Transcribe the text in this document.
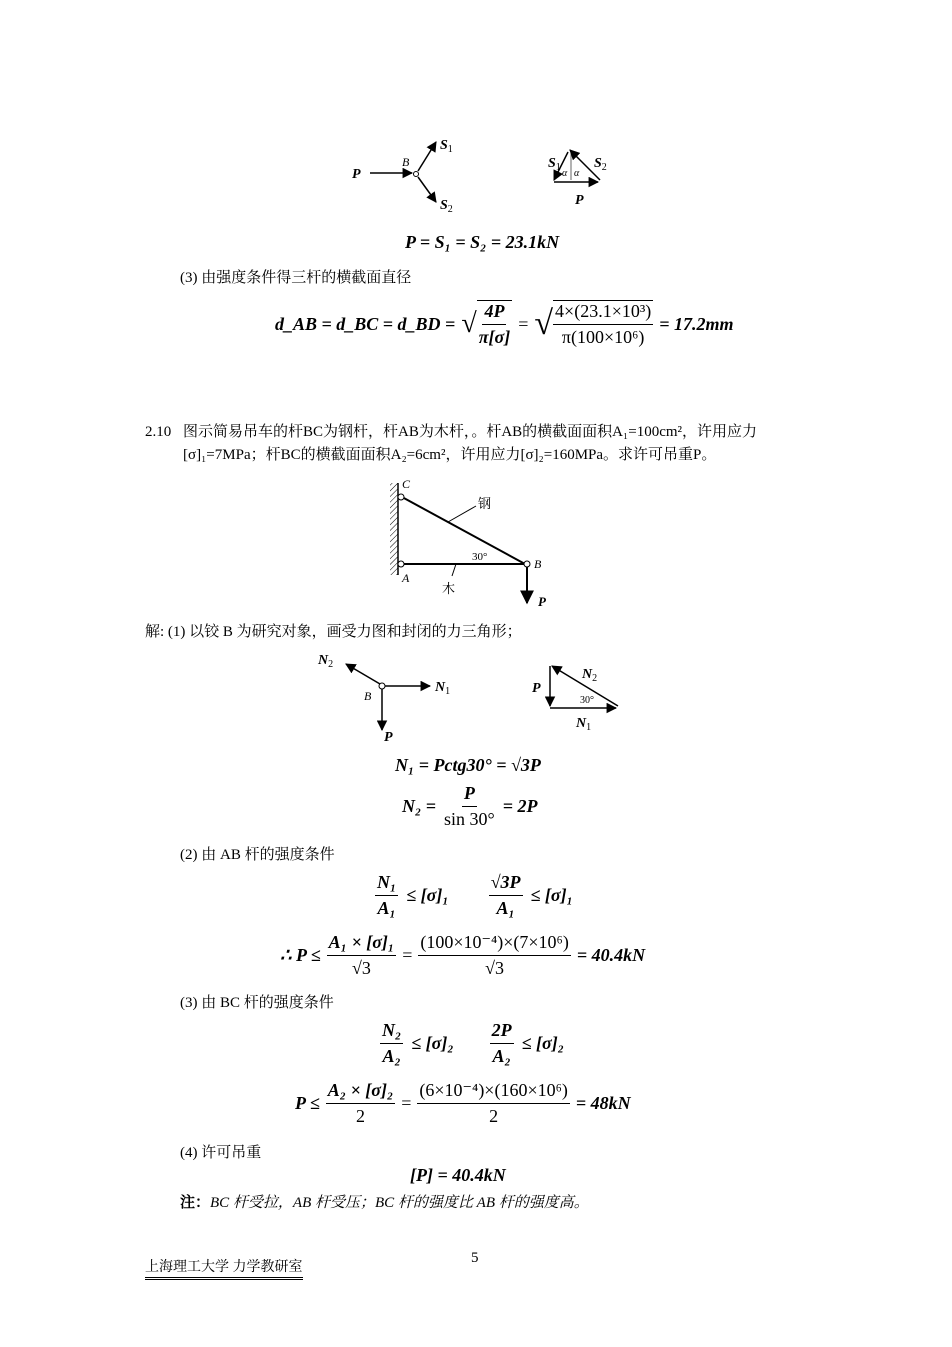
P
B
$S_1$
$S_2$
α α
$S_1$ $S_2$
P
P = S₁ = S₂ = 23.1kN
(3) 由强度条件得三杆的横截面直径
d_AB = d_BC = d_BD = √ $\frac{4P}{\pi[\sigma]}$ = √ $\frac{\text{4×(23.1×10³)}}{\text{π(100×10⁶)}} = 17.2mm$
2.10 图示简易吊车的杆BC为钢杆，杆AB为木杆，。杆AB的横截面面积A₁=100cm²，许用应力
[σ]₁=7MPa；杆BC的横截面面积A₂=6cm²，许用应力[σ]₂=160MPa。求许可吊重P。
C
A
B
P
钢
木
30°
解: (1) 以铰 B 为研究对象，画受力图和封闭的力三角形；
$N_2$
B
$N_1$
P
P
$N_2$
30°
$N_1$
N₁ = Pctg30° = √3P
$N_2 = \frac{P}{\sin 30^\circ} = 2P$
(2) 由 AB 杆的强度条件
$\frac{\text{N₁}}{\text{A₁}} \le [\sigma]_1 \frac{√3P}{\text{A₁}} \le [\sigma]_1$
∴ $P \le \frac{\text{A₁ × [σ]₁}}{√3} = \frac{\text{(100×10⁻⁴)×(7×10⁶)}}{√3} = 40.4kN$
(3) 由 BC 杆的强度条件
$\frac{\text{N₂}}{\text{A₂}} \le [\sigma]_2 \frac{2P}{\text{A₂}} \le [\sigma]_2$
$P \le \frac{\text{A₂ × [σ]₂}}{2} = \frac{\text{(6×10⁻⁴)×(160×10⁶)}}{2} = 48kN$
(4) 许可吊重
[P] = 40.4kN
注：BC 杆受拉，AB 杆受压；BC 杆的强度比 AB 杆的强度高。
上海理工大学 力学教研室
5
